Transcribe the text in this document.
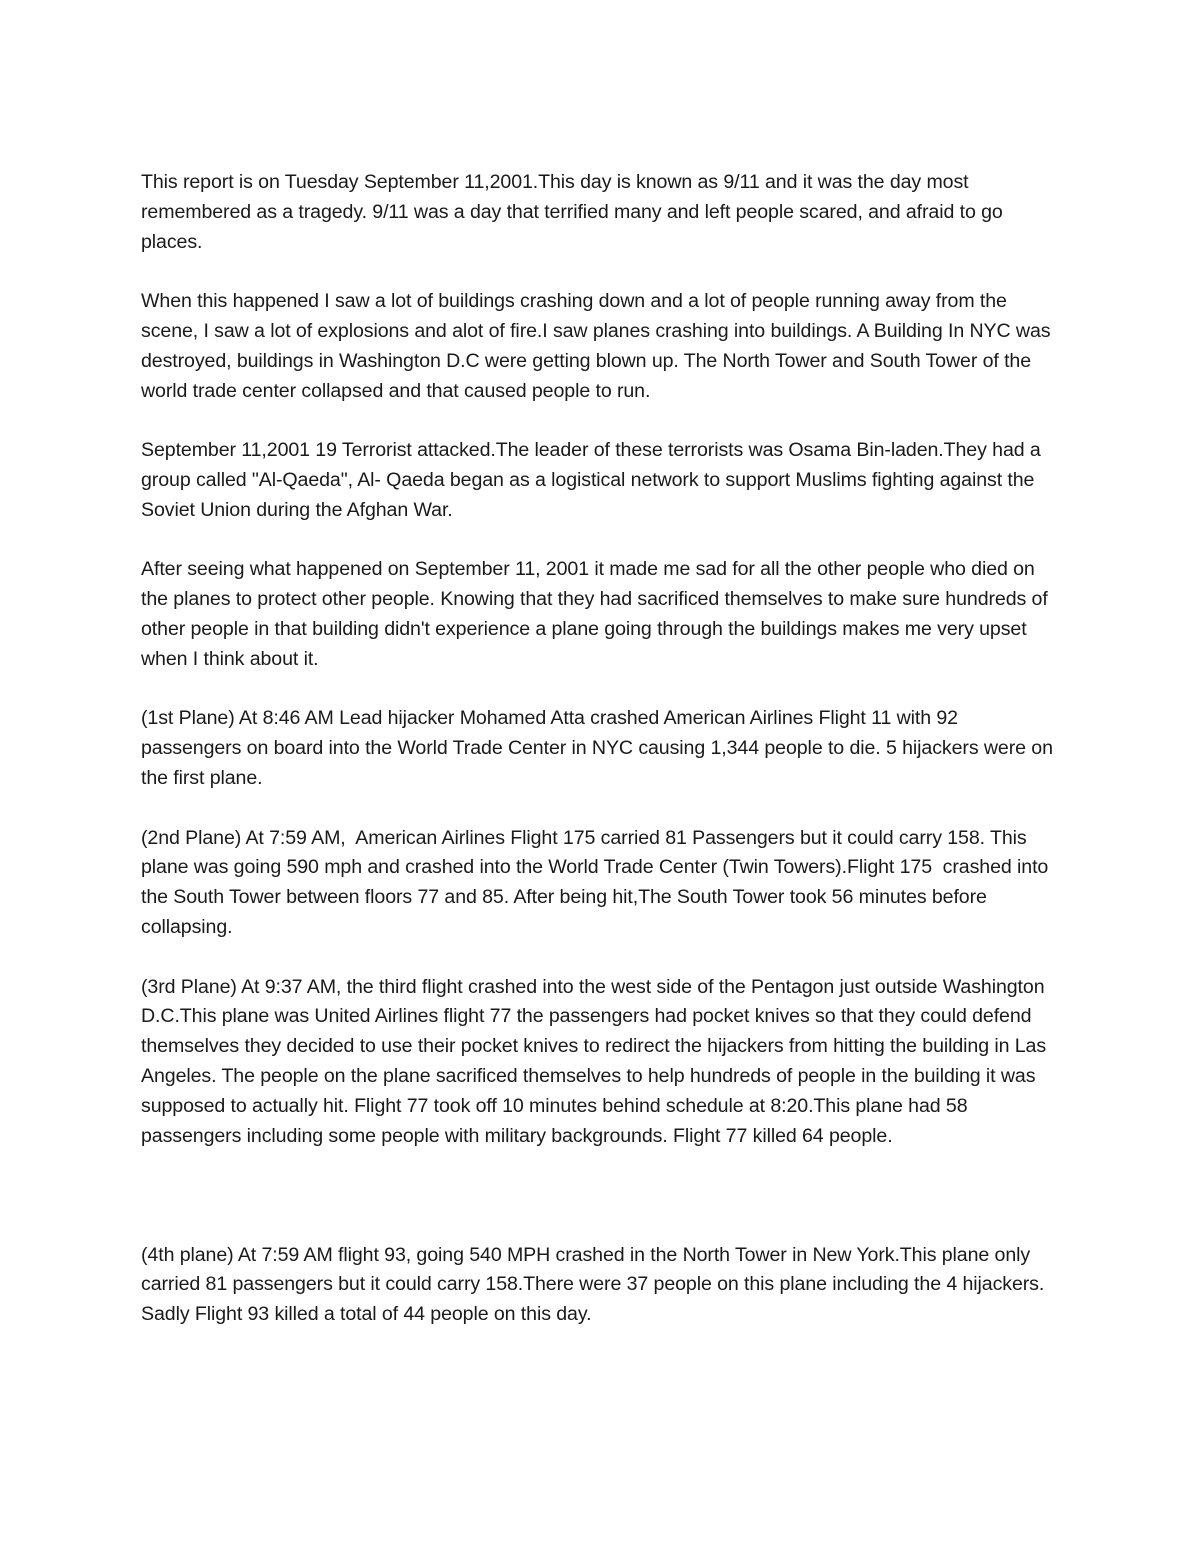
This report is on Tuesday September 11,2001.This day is known as 9/11 and it was the day most remembered as a tragedy. 9/11 was a day that terrified many and left people scared, and afraid to go places.

When this happened I saw a lot of buildings crashing down and a lot of people running away from the scene, I saw a lot of explosions and alot of fire.I saw planes crashing into buildings. A Building In NYC was destroyed, buildings in Washington D.C were getting blown up. The North Tower and South Tower of the world trade center collapsed and that caused people to run.

September 11,2001 19 Terrorist attacked.The leader of these terrorists was Osama Bin-laden.They had a group called "Al-Qaeda", Al- Qaeda began as a logistical network to support Muslims fighting against the Soviet Union during the Afghan War.

After seeing what happened on September 11, 2001 it made me sad for all the other people who died on the planes to protect other people. Knowing that they had sacrificed themselves to make sure hundreds of other people in that building didn't experience a plane going through the buildings makes me very upset when I think about it.

(1st Plane) At 8:46 AM Lead hijacker Mohamed Atta crashed American Airlines Flight 11 with 92 passengers on board into the World Trade Center in NYC causing 1,344 people to die. 5 hijackers were on the first plane.

(2nd Plane) At 7:59 AM,  American Airlines Flight 175 carried 81 Passengers but it could carry 158. This plane was going 590 mph and crashed into the World Trade Center (Twin Towers).Flight 175  crashed into the South Tower between floors 77 and 85. After being hit,The South Tower took 56 minutes before collapsing.

(3rd Plane) At 9:37 AM, the third flight crashed into the west side of the Pentagon just outside Washington D.C.This plane was United Airlines flight 77 the passengers had pocket knives so that they could defend themselves they decided to use their pocket knives to redirect the hijackers from hitting the building in Las Angeles. The people on the plane sacrificed themselves to help hundreds of people in the building it was supposed to actually hit. Flight 77 took off 10 minutes behind schedule at 8:20.This plane had 58 passengers including some people with military backgrounds. Flight 77 killed 64 people.

(4th plane) At 7:59 AM flight 93, going 540 MPH crashed in the North Tower in New York.This plane only carried 81 passengers but it could carry 158.There were 37 people on this plane including the 4 hijackers. Sadly Flight 93 killed a total of 44 people on this day.
